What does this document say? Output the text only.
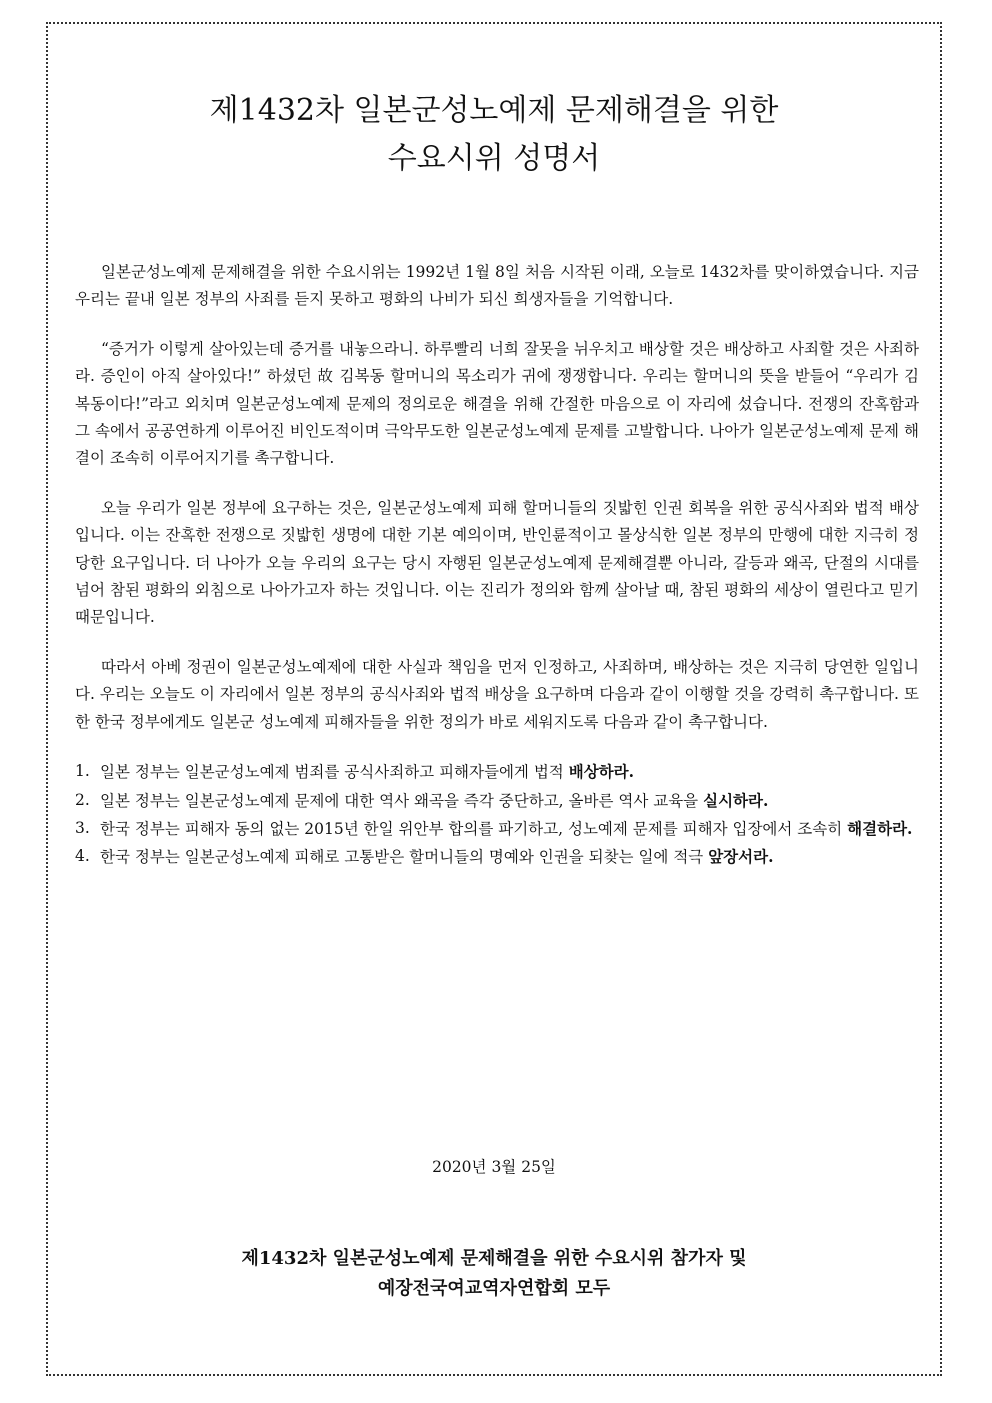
제1432차 일본군성노예제 문제해결을 위한
수요시위 성명서

일본군성노예제 문제해결을 위한 수요시위는 1992년 1월 8일 처음 시작된 이래, 오늘로 1432차를 맞이하였습니다. 지금 우리는 끝내 일본 정부의 사죄를 듣지 못하고 평화의 나비가 되신 희생자들을 기억합니다.

“증거가 이렇게 살아있는데 증거를 내놓으라니. 하루빨리 너희 잘못을 뉘우치고 배상할 것은 배상하고 사죄할 것은 사죄하라. 증인이 아직 살아있다!” 하셨던 故 김복동 할머니의 목소리가 귀에 쟁쟁합니다. 우리는 할머니의 뜻을 받들어 “우리가 김복동이다!”라고 외치며 일본군성노예제 문제의 정의로운 해결을 위해 간절한 마음으로 이 자리에 섰습니다. 전쟁의 잔혹함과 그 속에서 공공연하게 이루어진 비인도적이며 극악무도한 일본군성노예제 문제를 고발합니다. 나아가 일본군성노예제 문제 해결이 조속히 이루어지기를 촉구합니다.

오늘 우리가 일본 정부에 요구하는 것은, 일본군성노예제 피해 할머니들의 짓밟힌 인권 회복을 위한 공식사죄와 법적 배상입니다. 이는 잔혹한 전쟁으로 짓밟힌 생명에 대한 기본 예의이며, 반인륜적이고 몰상식한 일본 정부의 만행에 대한 지극히 정당한 요구입니다. 더 나아가 오늘 우리의 요구는 당시 자행된 일본군성노예제 문제해결뿐 아니라, 갈등과 왜곡, 단절의 시대를 넘어 참된 평화의 외침으로 나아가고자 하는 것입니다. 이는 진리가 정의와 함께 살아날 때, 참된 평화의 세상이 열린다고 믿기 때문입니다.

따라서 아베 정권이 일본군성노예제에 대한 사실과 책임을 먼저 인정하고, 사죄하며, 배상하는 것은 지극히 당연한 일입니다. 우리는 오늘도 이 자리에서 일본 정부의 공식사죄와 법적 배상을 요구하며 다음과 같이 이행할 것을 강력히 촉구합니다. 또한 한국 정부에게도 일본군 성노예제 피해자들을 위한 정의가 바로 세워지도록 다음과 같이 촉구합니다.

1. 일본 정부는 일본군성노예제 범죄를 공식사죄하고 피해자들에게 법적 배상하라.
2. 일본 정부는 일본군성노예제 문제에 대한 역사 왜곡을 즉각 중단하고, 올바른 역사 교육을 실시하라.
3. 한국 정부는 피해자 동의 없는 2015년 한일 위안부 합의를 파기하고, 성노예제 문제를 피해자 입장에서 조속히 해결하라.
4. 한국 정부는 일본군성노예제 피해로 고통받은 할머니들의 명예와 인권을 되찾는 일에 적극 앞장서라.
2020년 3월 25일
제1432차 일본군성노예제 문제해결을 위한 수요시위 참가자 및
예장전국여교역자연합회 모두
